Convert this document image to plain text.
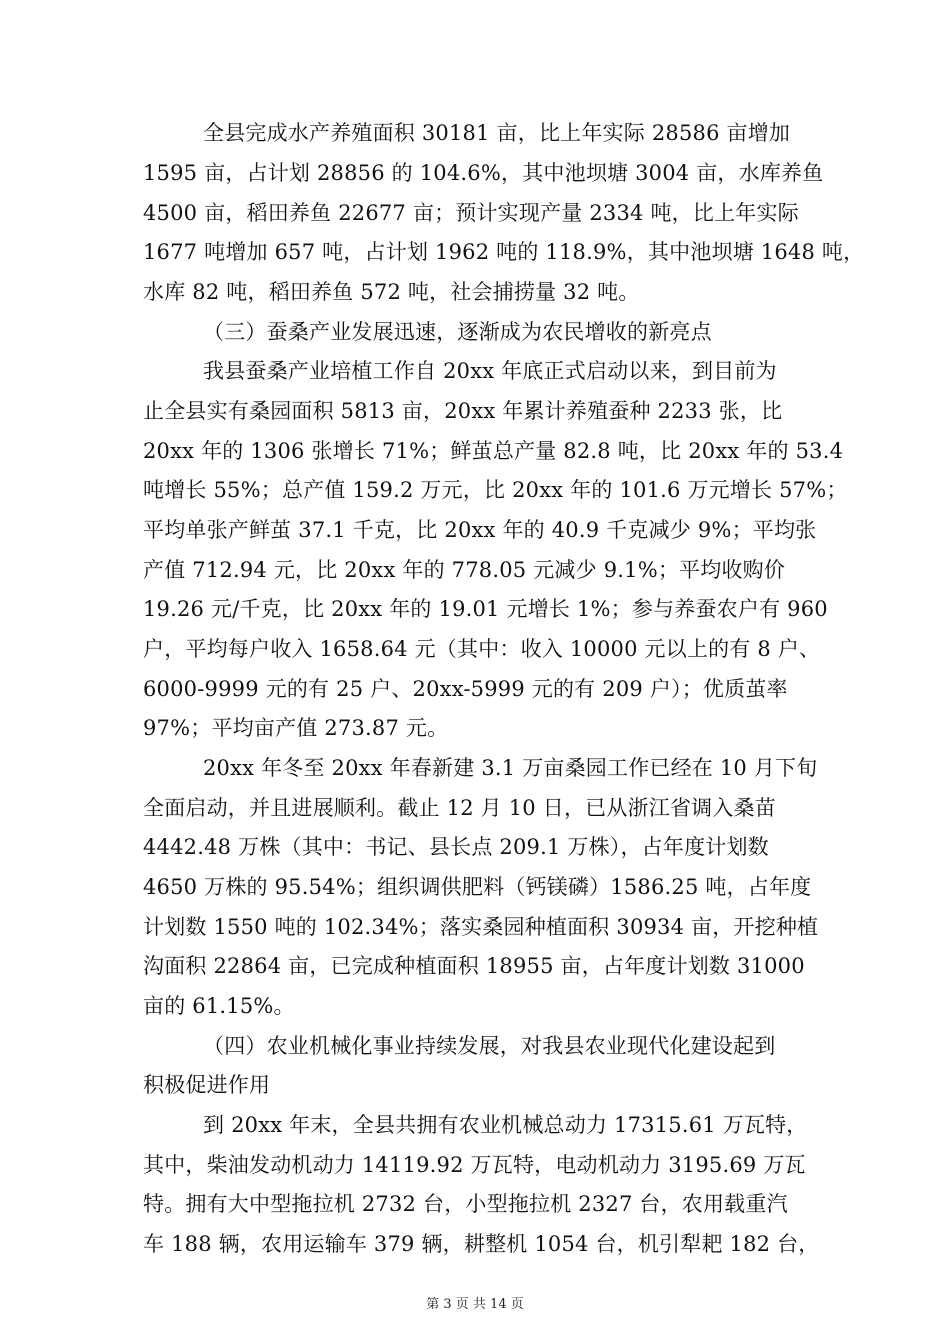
全县完成水产养殖面积 30181 亩，比上年实际 28586 亩增加
1595 亩，占计划 28856 的 104.6%，其中池坝塘 3004 亩，水库养鱼
4500 亩，稻田养鱼 22677 亩；预计实现产量 2334 吨，比上年实际
1677 吨增加 657 吨，占计划 1962 吨的 118.9%，其中池坝塘 1648 吨，
水库 82 吨，稻田养鱼 572 吨，社会捕捞量 32 吨。
（三）蚕桑产业发展迅速，逐渐成为农民增收的新亮点
我县蚕桑产业培植工作自 20xx 年底正式启动以来，到目前为
止全县实有桑园面积 5813 亩，20xx 年累计养殖蚕种 2233 张，比
20xx 年的 1306 张增长 71%；鲜茧总产量 82.8 吨，比 20xx 年的 53.4
吨增长 55%；总产值 159.2 万元，比 20xx 年的 101.6 万元增长 57%；
平均单张产鲜茧 37.1 千克，比 20xx 年的 40.9 千克减少 9%；平均张
产值 712.94 元，比 20xx 年的 778.05 元减少 9.1%；平均收购价
19.26 元/千克，比 20xx 年的 19.01 元增长 1%；参与养蚕农户有 960
户，平均每户收入 1658.64 元（其中：收入 10000 元以上的有 8 户、
6000-9999 元的有 25 户、20xx-5999 元的有 209 户）；优质茧率
97%；平均亩产值 273.87 元。
20xx 年冬至 20xx 年春新建 3.1 万亩桑园工作已经在 10 月下旬
全面启动，并且进展顺利。截止 12 月 10 日，已从浙江省调入桑苗
4442.48 万株（其中：书记、县长点 209.1 万株），占年度计划数
4650 万株的 95.54%；组织调供肥料（钙镁磷）1586.25 吨，占年度
计划数 1550 吨的 102.34%；落实桑园种植面积 30934 亩，开挖种植
沟面积 22864 亩，已完成种植面积 18955 亩，占年度计划数 31000
亩的 61.15%。
（四）农业机械化事业持续发展，对我县农业现代化建设起到
积极促进作用
到 20xx 年末，全县共拥有农业机械总动力 17315.61 万瓦特，
其中，柴油发动机动力 14119.92 万瓦特，电动机动力 3195.69 万瓦
特。拥有大中型拖拉机 2732 台，小型拖拉机 2327 台，农用载重汽
车 188 辆，农用运输车 379 辆，耕整机 1054 台，机引犁耙 182 台，
第 3 页 共 14 页
